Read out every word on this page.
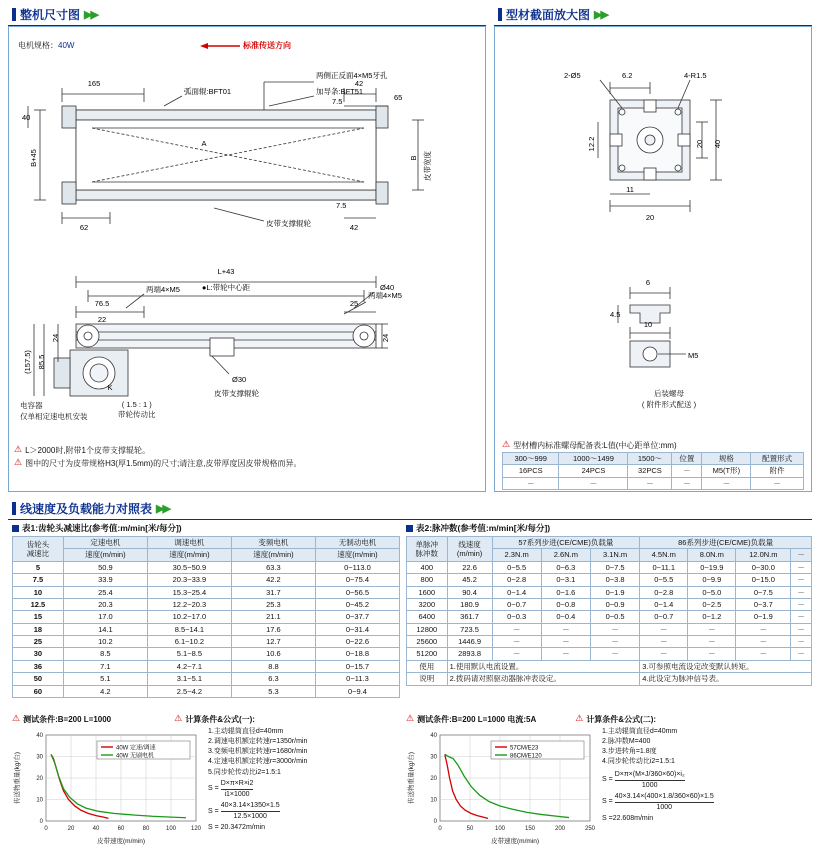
整机尺寸图 ▶▶
电机规格：40W	标准传送方向
165
40
62	42
7.5
42
65
7.5
A
B+45	B 皮带宽度
弧面辊:BFT01	加导条:BFT51
两侧正反面4×M5牙孔
皮带支撑辊轮
L+43
●L:带轮中心距
76.5
22
(157.5) 85.5
24	24
25
Ø40
两端4×M5
两端4×M5
Ø30
皮带支撑辊轮
K
电容器
仅单相定速电机安装
( 1.5 : 1 )
带轮传动比
⚠ L＞2000时,附带1个皮带支撑辊轮。
⚠ 图中的尺寸为皮带规格H3(厚1.5mm)的尺寸;请注意,皮带厚度因皮带规格而异。
型材截面放大图 ▶▶
2-Ø5	6.2	4-R1.5
12.2	20 40
11
20
6
4.5
10
M5
后装螺母
( 附件形式配送 )
⚠ 型材槽内标准螺母配备表:L值(中心距单位:mm)
300～999	1000～1499	1500～	位置	规格	配置形式
16PCS	24PCS	32PCS	－	M5(T形)	附件
－	－	－	－	－	－
线速度及负载能力对照表 ▶▶
表1:齿轮头减速比(参考值:m/min[米/每分])
齿轮头
减速比	定速电机	调速电机	变频电机	无制动电机
	速度(m/min)	速度(m/min)	速度(m/min)	速度(m/min)
5	50.9	30.5~50.9	63.3	0~113.0
7.5	33.9	20.3~33.9	42.2	0~75.4
10	25.4	15.3~25.4	31.7	0~56.5
12.5	20.3	12.2~20.3	25.3	0~45.2
15	17.0	10.2~17.0	21.1	0~37.7
18	14.1	8.5~14.1	17.6	0~31.4
25	10.2	6.1~10.2	12.7	0~22.6
30	8.5	5.1~8.5	10.6	0~18.8
36	7.1	4.2~7.1	8.8	0~15.7
50	5.1	3.1~5.1	6.3	0~11.3
60	4.2	2.5~4.2	5.3	0~9.4
表2:脉冲数(参考值:m/min[米/每分])
单脉冲
脉冲数	线速度
(m/min)	57系列步进(CE/CME)负载量			86系列步进(CE/CME)负载量			
		2.3N.m	2.6N.m	3.1N.m	4.5N.m	8.0N.m	12.0N.m	－
400	22.6	0~5.5	0~6.3	0~7.5	0~11.1	0~19.9	0~30.0	－
800	45.2	0~2.8	0~3.1	0~3.8	0~5.5	0~9.9	0~15.0	－
1600	90.4	0~1.4	0~1.6	0~1.9	0~2.8	0~5.0	0~7.5	－
3200	180.9	0~0.7	0~0.8	0~0.9	0~1.4	0~2.5	0~3.7	－
6400	361.7	0~0.3	0~0.4	0~0.5	0~0.7	0~1.2	0~1.9	－
12800	723.5	－	－	－	－	－	－	－
25600	1446.9	－	－	－	－	－	－	－
51200	2893.8	－	－	－	－	－	－	－
使用	1.使用默认电流设置。				3.可参照电流设定改变默认转矩。			
说明	2.拨码请对照驱动器脉冲表设定。				4.此设定为脉冲信号表。			
⚠ 测试条件:B=200 L=1000	⚠ 计算条件&公式(一):
0	20	40	60	80	100 120
0
10
20
30
40
皮带速度(m/min)
传送物重量(kg/台)
40W 定速/调速
40W 无刷电机
1.主动辊筒直径d=40mm
2.调速电机额定转速r=1350r/min
3.变频电机额定转速r=1680r/min
4.定速电机额定转速r=3000r/min
5.同步轮传动比i2=1.5:1
$S = \frac{D\times\pi\times R\times i2}{i1\times 1000}$
$S = \frac{40\times 3.14\times 1350\times 1.5}{12.5\times 1000}$
S = 20.3472m/min
⚠ 测试条件:B=200 L=1000 电流:5A	⚠ 计算条件&公式(二):
0	50	100	150	200	250
0
10
20
30
40
皮带速度(m/min)
传送物重量(kg/台)
57CM/E23
86CM/E120
1.主动辊筒直径d=40mm
2.脉冲数M=400
3.步进转角=1.8度
4.同步轮传动比i2=1.5:1
$S = \frac{\text{D×π×(M×J/360×60)×i₂}}{1000}$
$S = \frac{40\times 3.14\times(400\times 1.8/360\times 60)\times 1.5}{1000}$
S =22.608m/min
